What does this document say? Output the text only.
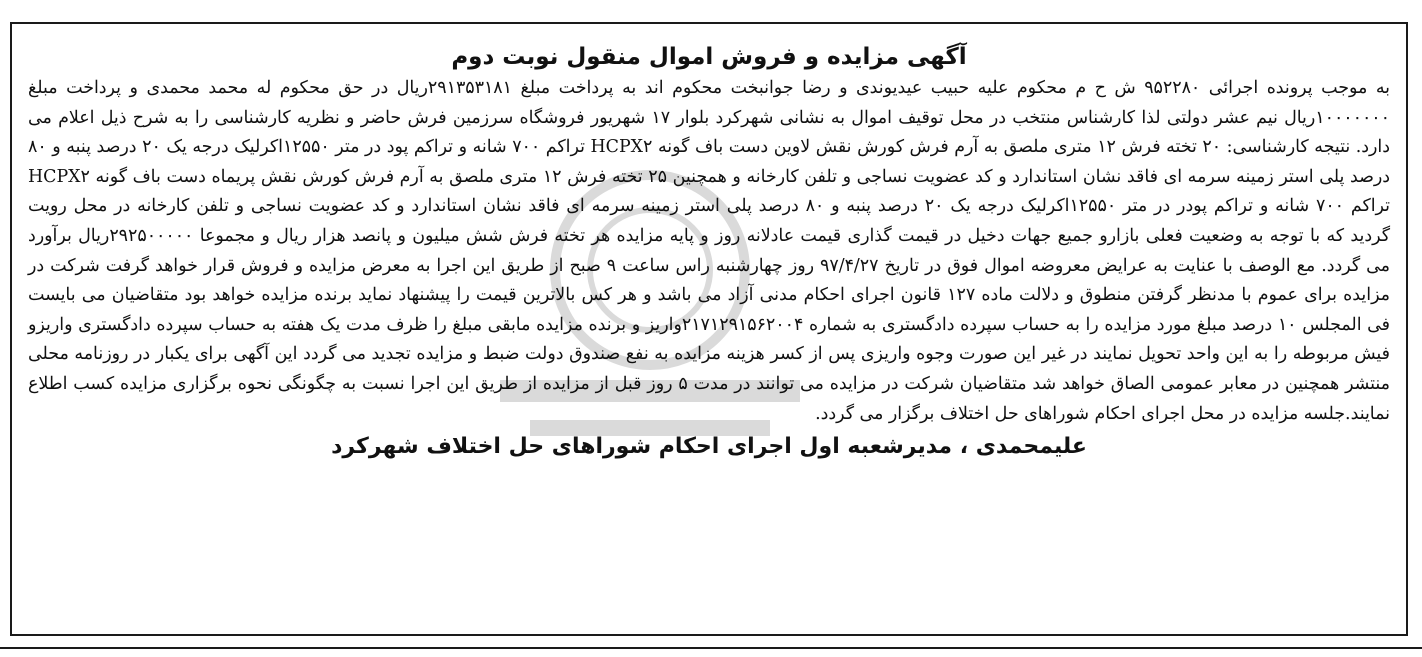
آگهی مزایده و فروش اموال منقول نوبت دوم

به موجب پرونده اجرائی ۹۵۲۲۸۰ ش ح م محکوم علیه حبیب عیدیوندی و رضا جوانبخت محکوم اند به پرداخت مبلغ ۲۹۱۳۵۳۱۸۱ریال در حق محکوم له محمد محمدی و پرداخت مبلغ ۱۰۰۰۰۰۰۰ریال نیم عشر دولتی لذا کارشناس منتخب در محل توقیف اموال به نشانی شهرکرد بلوار ۱۷ شهریور فروشگاه سرزمین فرش حاضر و نظریه کارشناسی را به شرح ذیل اعلام می دارد. نتیجه کارشناسی: ۲۰ تخته فرش ۱۲ متری ملصق به آرم فرش کورش نقش لاوین دست باف گونه HCPX۲ تراکم ۷۰۰ شانه و تراکم پود در متر ۱۲۵۵۰اکرلیک درجه یک ۲۰ درصد پنبه و ۸۰ درصد پلی استر زمینه سرمه ای فاقد نشان استاندارد و کد عضویت نساجی و تلفن کارخانه و همچنین ۲۵ تخته فرش ۱۲ متری ملصق به آرم فرش کورش نقش پریماه دست باف گونه HCPX۲ تراکم ۷۰۰ شانه و تراکم پودر در متر ۱۲۵۵۰اکرلیک درجه یک ۲۰ درصد پنبه و ۸۰ درصد پلی استر زمینه سرمه ای فاقد نشان استاندارد و کد عضویت نساجی و تلفن کارخانه در محل رویت گردید که با توجه به وضعیت فعلی بازارو جمیع جهات دخیل در قیمت گذاری قیمت عادلانه روز و پایه مزایده هر تخته فرش شش میلیون و پانصد هزار ریال و مجموعا ۲۹۲۵۰۰۰۰۰ریال برآورد می گردد. مع الوصف با عنایت به عرایض معروضه اموال فوق در تاریخ ۹۷/۴/۲۷ روز چهارشنبه راس ساعت ۹ صبح از طریق این اجرا به معرض مزایده و فروش قرار خواهد گرفت شرکت در مزایده برای عموم با مدنظر گرفتن منطوق و دلالت ماده ۱۲۷ قانون اجرای احکام مدنی آزاد می باشد و هر کس بالاترین قیمت را پیشنهاد نماید برنده مزایده خواهد بود متقاضیان می بایست فی المجلس ۱۰ درصد مبلغ مورد مزایده را به حساب سپرده دادگستری به شماره ۲۱۷۱۲۹۱۵۶۲۰۰۴واریز و برنده مزایده مابقی مبلغ را ظرف مدت یک هفته به حساب سپرده دادگستری واریزو فیش مربوطه را به این واحد تحویل نمایند در غیر این صورت وجوه واریزی پس از کسر هزینه مزایده به نفع صندوق دولت ضبط و مزایده تجدید می گردد این آگهی برای یکبار در روزنامه محلی منتشر همچنین در معابر عمومی الصاق خواهد شد متقاضیان شرکت در مزایده می توانند در مدت ۵ روز قبل از مزایده از طریق این اجرا نسبت به چگونگی نحوه برگزاری مزایده کسب اطلاع نمایند.جلسه مزایده در محل اجرای احکام شوراهای حل اختلاف برگزار می گردد.

علیمحمدی ، مدیرشعبه اول اجرای احکام شوراهای حل اختلاف شهرکرد
